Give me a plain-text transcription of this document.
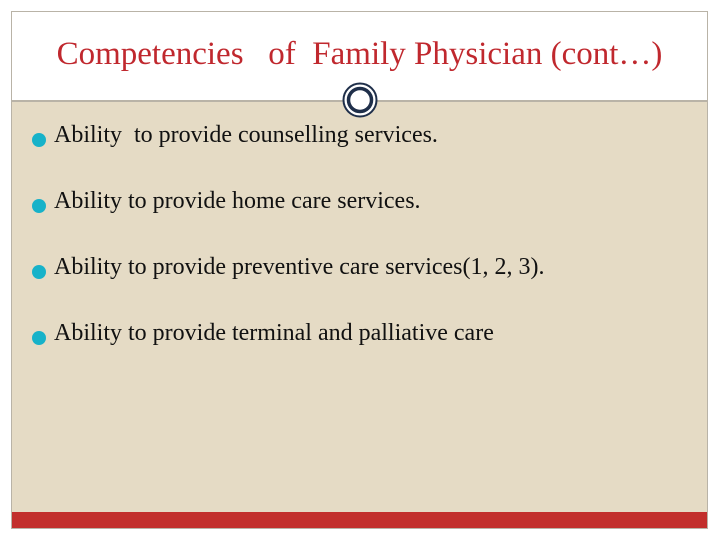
Competencies   of  Family Physician (cont…)

Ability  to provide counselling services.

Ability to provide home care services.

Ability to provide preventive care services(1, 2, 3).

Ability to provide terminal and palliative care
